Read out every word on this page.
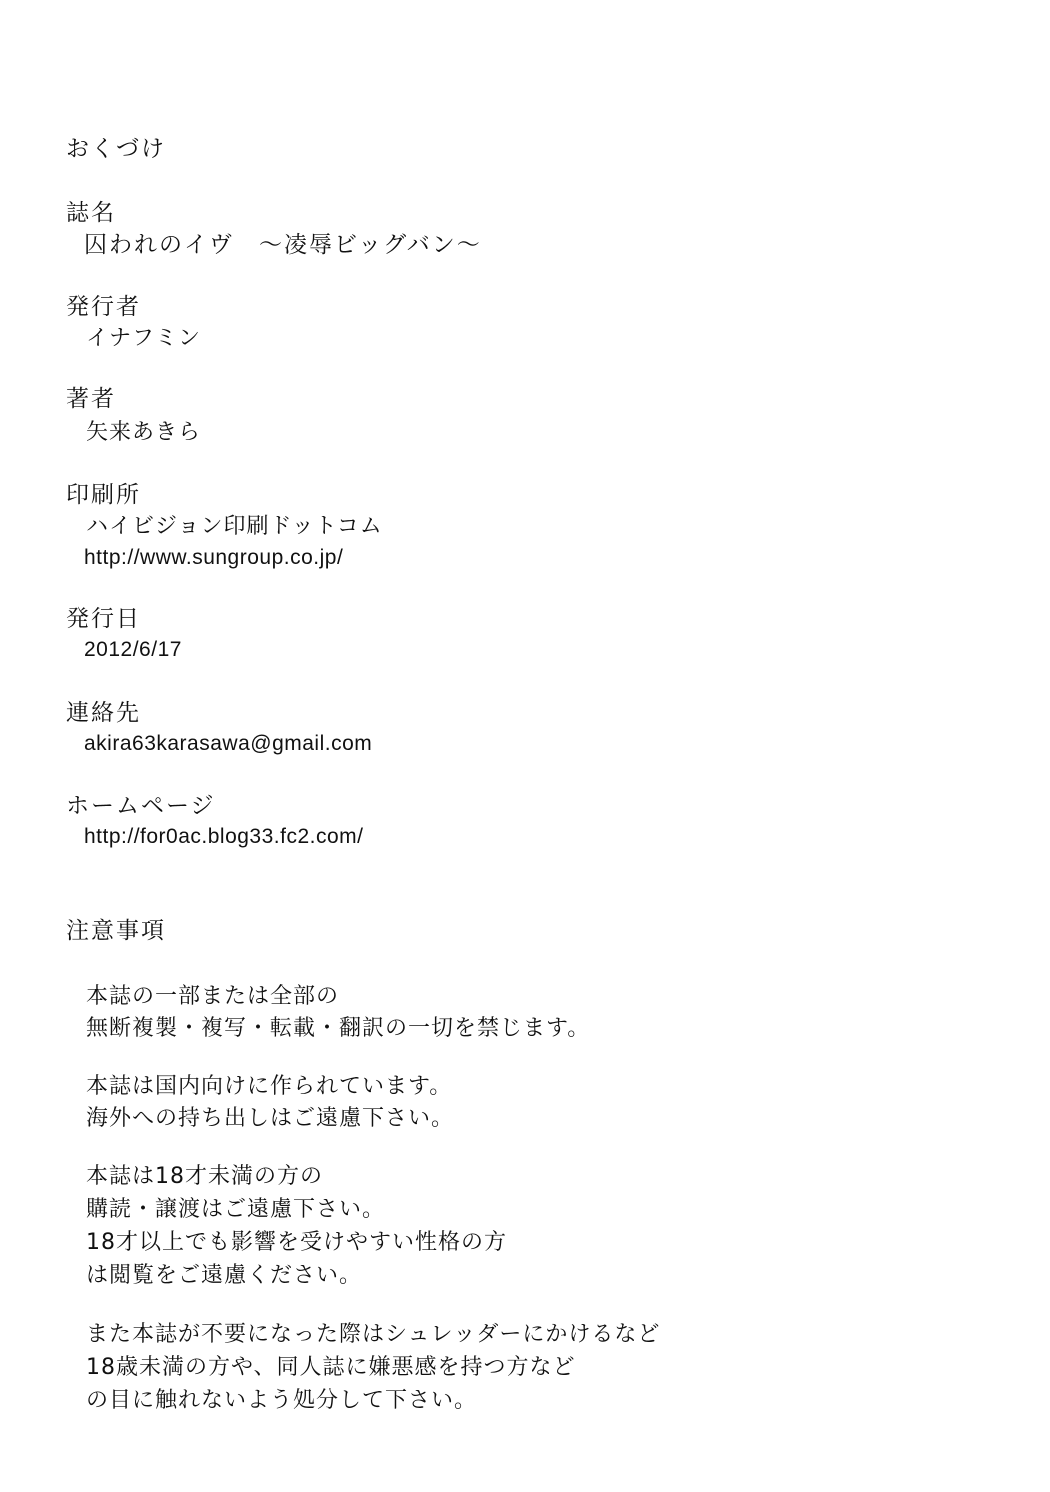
おくづけ
誌名
囚われのイヴ　〜凌辱ビッグバン〜
発行者
イナフミン
著者
矢来あきら
印刷所
ハイビジョン印刷ドットコム
http://www.sungroup.co.jp/
発行日
2012/6/17
連絡先
akira63karasawa@gmail.com
ホームページ
http://for0ac.blog33.fc2.com/
注意事項
本誌の一部または全部の
無断複製・複写・転載・翻訳の一切を禁じます。
本誌は国内向けに作られています。
海外への持ち出しはご遠慮下さい。
本誌は18才未満の方の
購読・譲渡はご遠慮下さい。
18才以上でも影響を受けやすい性格の方
は閲覧をご遠慮ください。
また本誌が不要になった際はシュレッダーにかけるなど
18歳未満の方や、同人誌に嫌悪感を持つ方など
の目に触れないよう処分して下さい。
